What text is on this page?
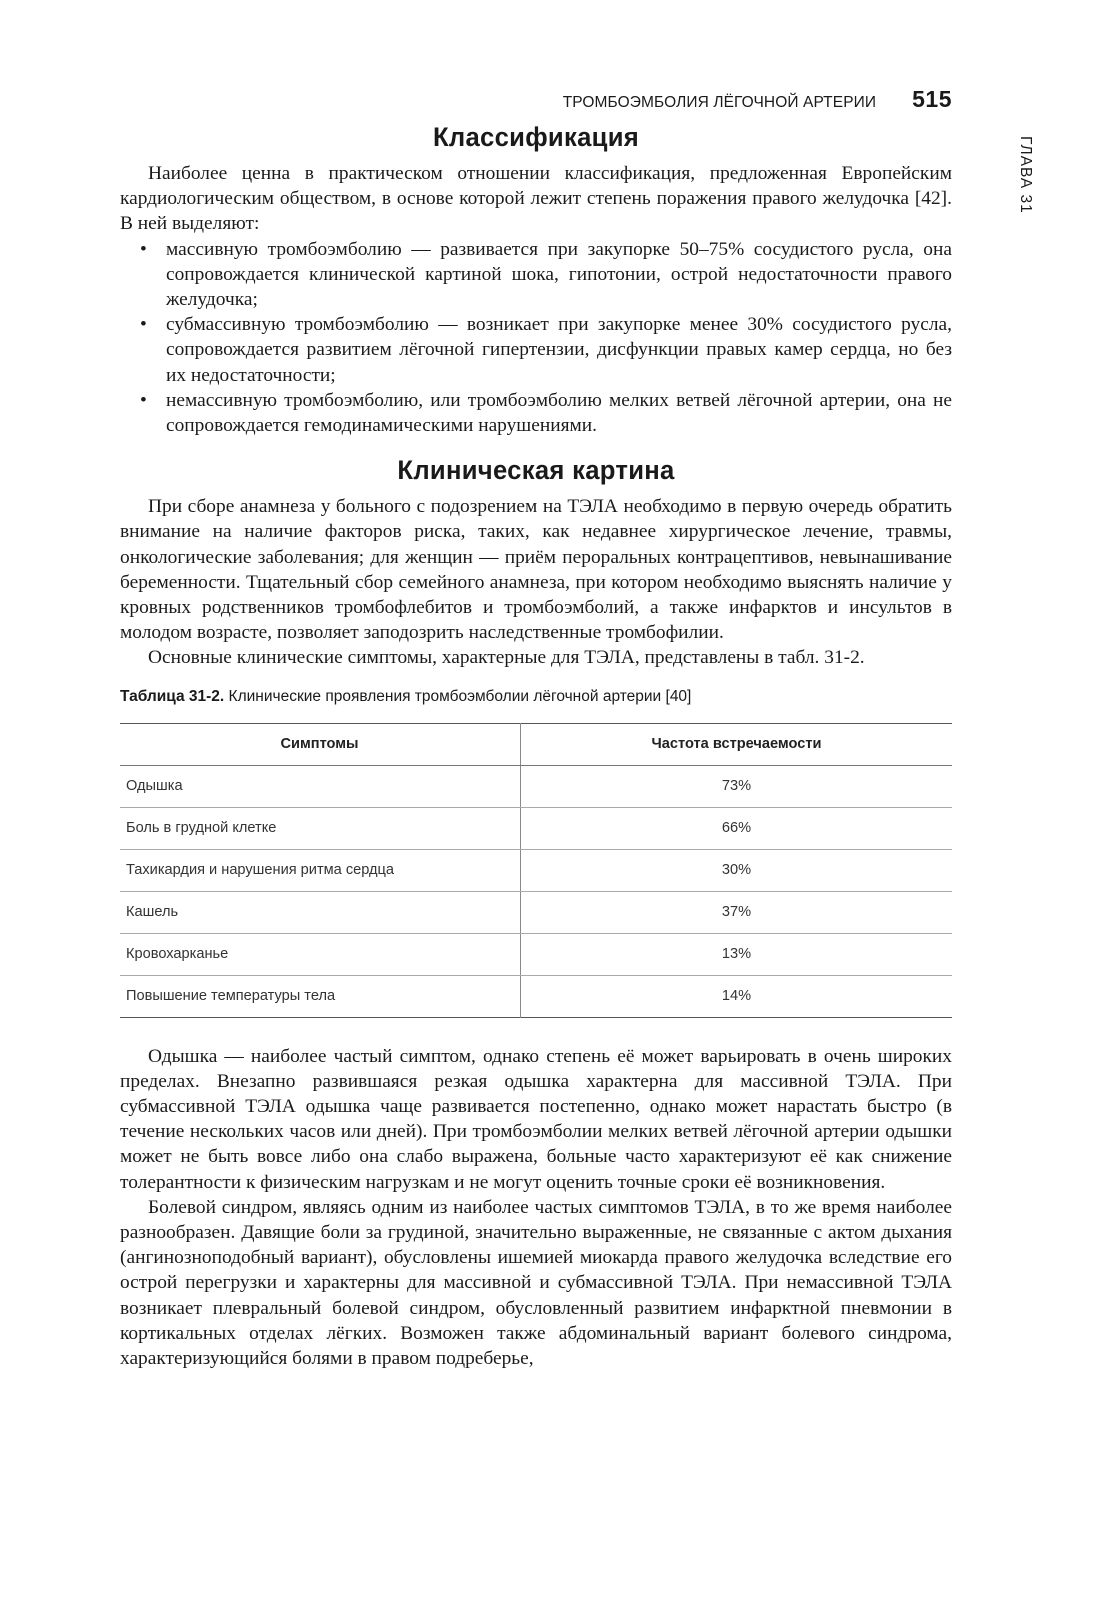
ТРОМБОЭМБОЛИЯ ЛЁГОЧНОЙ АРТЕРИИ 515
ГЛАВА 31
Классификация

Наиболее ценна в практическом отношении классификация, предложенная Европейским кардиологическим обществом, в основе которой лежит степень поражения правого желудочка [42]. В ней выделяют:

• массивную тромбоэмболию — развивается при закупорке 50–75% сосудистого русла, она сопровождается клинической картиной шока, гипотонии, острой недостаточности правого желудочка;
• субмассивную тромбоэмболию — возникает при закупорке менее 30% сосудистого русла, сопровождается развитием лёгочной гипертензии, дисфункции правых камер сердца, но без их недостаточности;
• немассивную тромбоэмболию, или тромбоэмболию мелких ветвей лёгочной артерии, она не сопровождается гемодинамическими нарушениями.
Клиническая картина

При сборе анамнеза у больного с подозрением на ТЭЛА необходимо в первую очередь обратить внимание на наличие факторов риска, таких, как недавнее хирургическое лечение, травмы, онкологические заболевания; для женщин — приём пероральных контрацептивов, невынашивание беременности. Тщательный сбор семейного анамнеза, при котором необходимо выяснять наличие у кровных родственников тромбофлебитов и тромбоэмболий, а также инфарктов и инсультов в молодом возрасте, позволяет заподозрить наследственные тромбофилии.

Основные клинические симптомы, характерные для ТЭЛА, представлены в табл. 31-2.

Таблица 31-2. Клинические проявления тромбоэмболии лёгочной артерии [40]
Симптомы	Частота встречаемости
Одышка	73%
Боль в грудной клетке	66%
Тахикардия и нарушения ритма сердца	30%
Кашель	37%
Кровохарканье	13%
Повышение температуры тела	14%

Одышка — наиболее частый симптом, однако степень её может варьировать в очень широких пределах. Внезапно развившаяся резкая одышка характерна для массивной ТЭЛА. При субмассивной ТЭЛА одышка чаще развивается постепенно, однако может нарастать быстро (в течение нескольких часов или дней). При тромбоэмболии мелких ветвей лёгочной артерии одышки может не быть вовсе либо она слабо выражена, больные часто характеризуют её как снижение толерантности к физическим нагрузкам и не могут оценить точные сроки её возникновения.

Болевой синдром, являясь одним из наиболее частых симптомов ТЭЛА, в то же время наиболее разнообразен. Давящие боли за грудиной, значительно выраженные, не связанные с актом дыхания (ангинозноподобный вариант), обусловлены ишемией миокарда правого желудочка вследствие его острой перегрузки и характерны для массивной и субмассивной ТЭЛА. При немассивной ТЭЛА возникает плевральный болевой синдром, обусловленный развитием инфарктной пневмонии в кортикальных отделах лёгких. Возможен также абдоминальный вариант болевого синдрома, характеризующийся болями в правом подреберье,
